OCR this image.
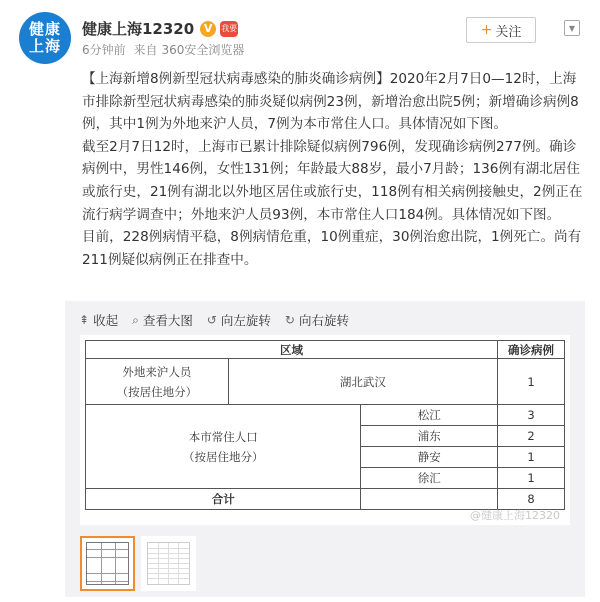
健康上海
健康上海12320 V	我要
6分钟前 来自 360安全浏览器
+ 关注	▼

【上海新增8例新型冠状病毒感染的肺炎确诊病例】2020年2月7日0—12时，上海市排除新型冠状病毒感染的肺炎疑似病例23例，新增治愈出院5例；新增确诊病例8例，其中1例为外地来沪人员，7例为本市常住人口。具体情况如下图。

截至2月7日12时，上海市已累计排除疑似病例796例，发现确诊病例277例。确诊病例中，男性146例，女性131例；年龄最大88岁，最小7月龄；136例有湖北居住或旅行史，21例有湖北以外地区居住或旅行史，118例有相关病例接触史，2例正在流行病学调查中；外地来沪人员93例，本市常住人口184例。具体情况如下图。

目前，228例病情平稳，8例病情危重，10例重症，30例治愈出院，1例死亡。尚有211例疑似病例正在排查中。

⇞ 收起 ⌕ 查看大图 ↺ 向左旋转 ↻ 向右旋转
区域			确诊病例

外地来沪人员
（按居住地分）	湖北武汉		1

本市常住人口
（按居住地分）		松江	3
		浦东	2
		静安	1
		徐汇	1
合计			8
@健康上海12320
